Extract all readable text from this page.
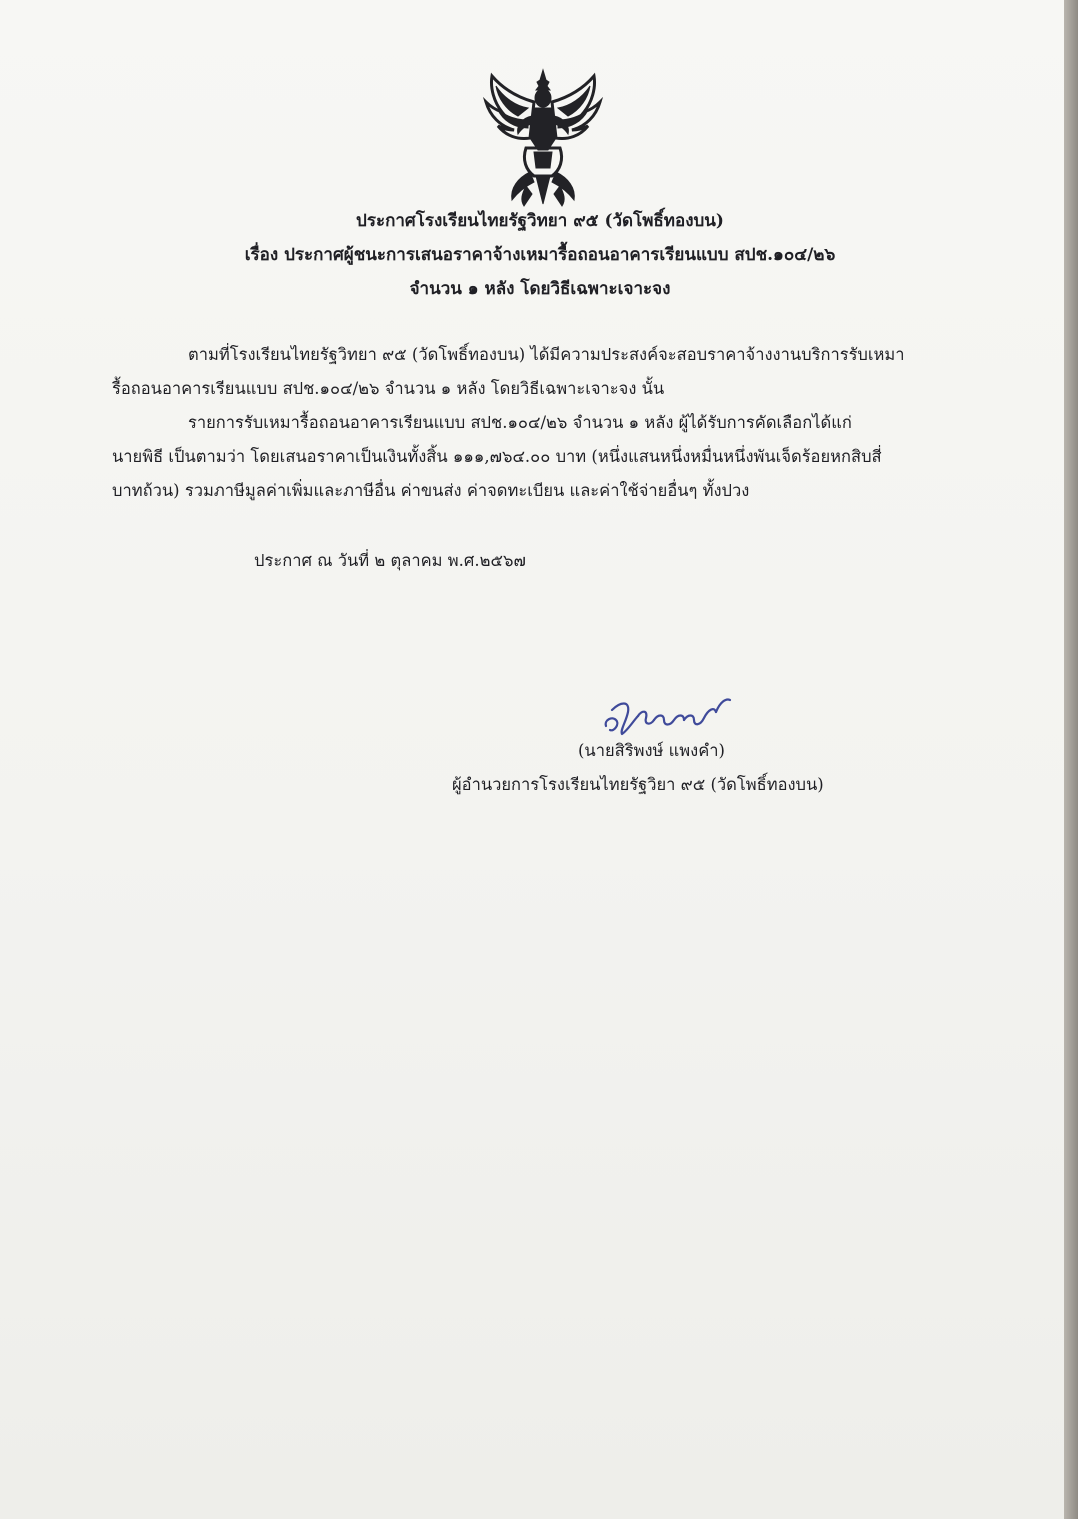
ประกาศโรงเรียนไทยรัฐวิทยา ๙๕ (วัดโพธิ์ทองบน)
เรื่อง ประกาศผู้ชนะการเสนอราคาจ้างเหมารื้อถอนอาคารเรียนแบบ สปช.๑๐๔/๒๖
จำนวน ๑ หลัง โดยวิธีเฉพาะเจาะจง
ตามที่โรงเรียนไทยรัฐวิทยา ๙๕ (วัดโพธิ์ทองบน) ได้มีความประสงค์จะสอบราคาจ้างงานบริการรับเหมา
รื้อถอนอาคารเรียนแบบ สปช.๑๐๔/๒๖ จำนวน ๑ หลัง โดยวิธีเฉพาะเจาะจง นั้น
รายการรับเหมารื้อถอนอาคารเรียนแบบ สปช.๑๐๔/๒๖ จำนวน ๑ หลัง ผู้ได้รับการคัดเลือกได้แก่
นายพิธี เป็นตามว่า โดยเสนอราคาเป็นเงินทั้งสิ้น ๑๑๑,๗๖๔.๐๐ บาท (หนึ่งแสนหนึ่งหมื่นหนึ่งพันเจ็ดร้อยหกสิบสี่
บาทถ้วน) รวมภาษีมูลค่าเพิ่มและภาษีอื่น ค่าขนส่ง ค่าจดทะเบียน และค่าใช้จ่ายอื่นๆ ทั้งปวง
ประกาศ ณ วันที่ ๒ ตุลาคม พ.ศ.๒๕๖๗
(นายสิริพงษ์ แพงคำ)
ผู้อำนวยการโรงเรียนไทยรัฐวิยา ๙๕ (วัดโพธิ์ทองบน)
